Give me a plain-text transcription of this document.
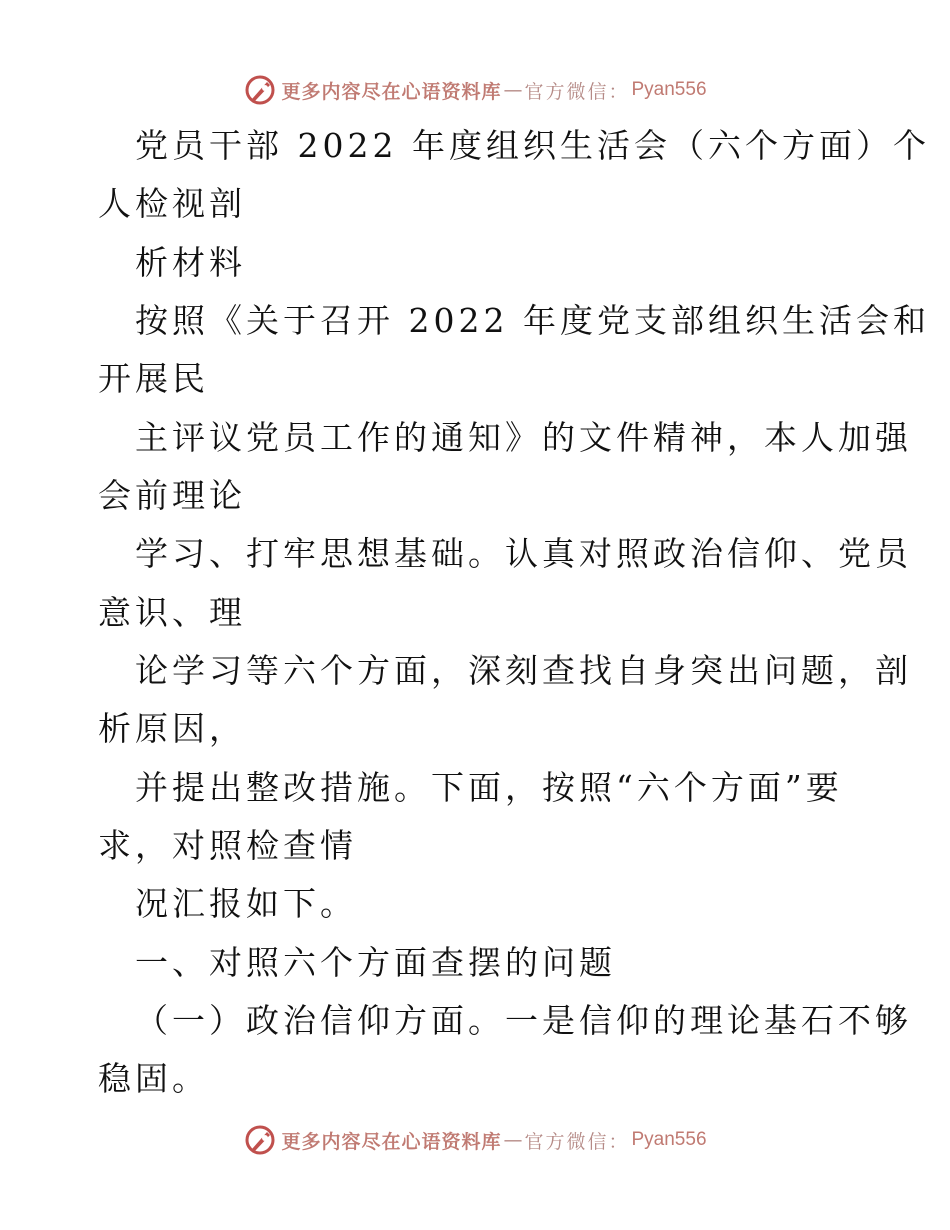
更多内容尽在心语资料库 — 官方微信： Pyan556
党员干部 2022 年度组织生活会（六个方面）个
人检视剖
析材料
按照《关于召开 2022 年度党支部组织生活会和
开展民
主评议党员工作的通知》的文件精神，本人加强
会前理论
学习、打牢思想基础。认真对照政治信仰、党员
意识、理
论学习等六个方面，深刻查找自身突出问题，剖
析原因，
并提出整改措施。下面，按照“六个方面”要
求，对照检查情
况汇报如下。
一、对照六个方面查摆的问题
（一）政治信仰方面。一是信仰的理论基石不够
稳固。
更多内容尽在心语资料库 — 官方微信： Pyan556
